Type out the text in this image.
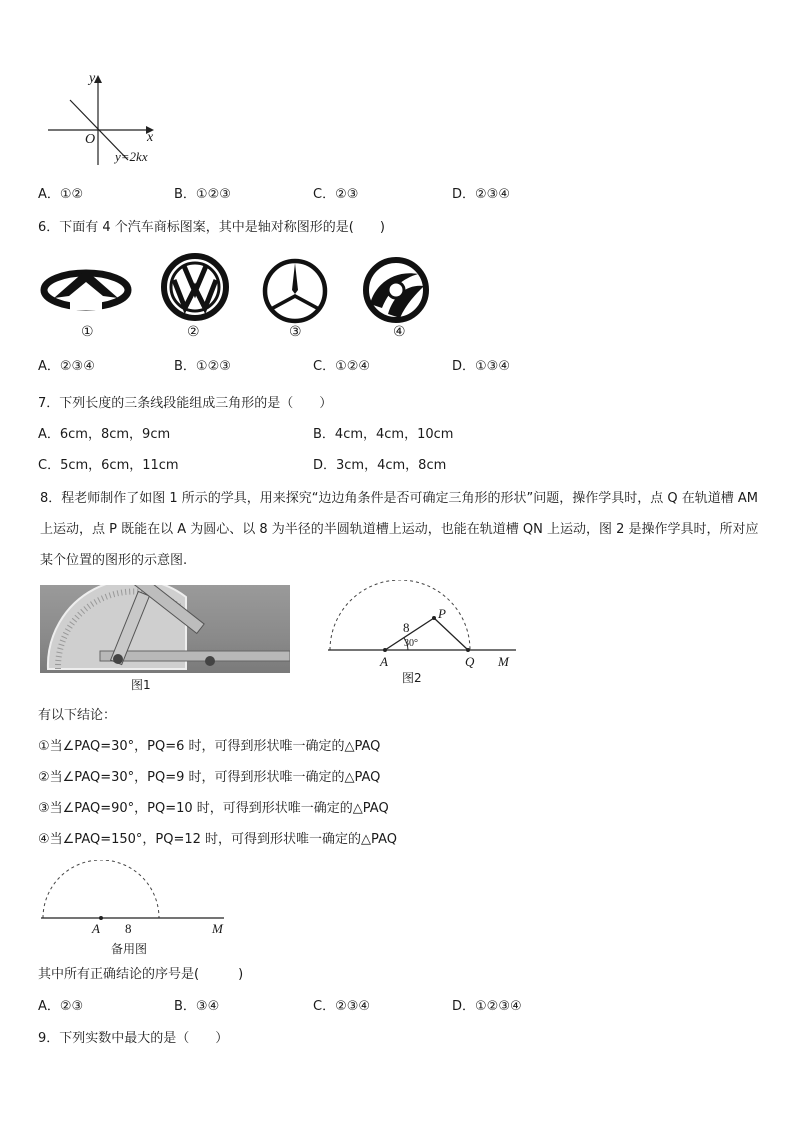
y
x
O
y=2kx
A．①②	B．①②③	C．②③	D．②③④
6．下面有 4 个汽车商标图案，其中是轴对称图形的是(　　)
①	②	③	④
A．②③④	B．①②③	C．①②④	D．①③④
7．下列长度的三条线段能组成三角形的是（　　）
A．6cm，8cm，9cm	B．4cm，4cm，10cm
C．5cm，6cm，11cm	D．3cm，4cm，8cm
8．程老师制作了如图 1 所示的学具，用来探究“边边角条件是否可确定三角形的形状”问题，操作学具时，点 Q 在轨道槽 AM 上运动，点 P 既能在以 A 为圆心、以 8 为半径的半圆轨道槽上运动，也能在轨道槽 QN 上运动，图 2 是操作学具时，所对应某个位置的图形的示意图.
图1
P
8
30°
A	Q M
图2
有以下结论：
①当∠PAQ=30°，PQ=6 时，可得到形状唯一确定的△PAQ
②当∠PAQ=30°，PQ=9 时，可得到形状唯一确定的△PAQ
③当∠PAQ=90°，PQ=10 时，可得到形状唯一确定的△PAQ
④当∠PAQ=150°，PQ=12 时，可得到形状唯一确定的△PAQ
A 8	M
备用图
其中所有正确结论的序号是(　　　)
A．②③	B．③④	C．②③④	D．①②③④
9．下列实数中最大的是（　　）
